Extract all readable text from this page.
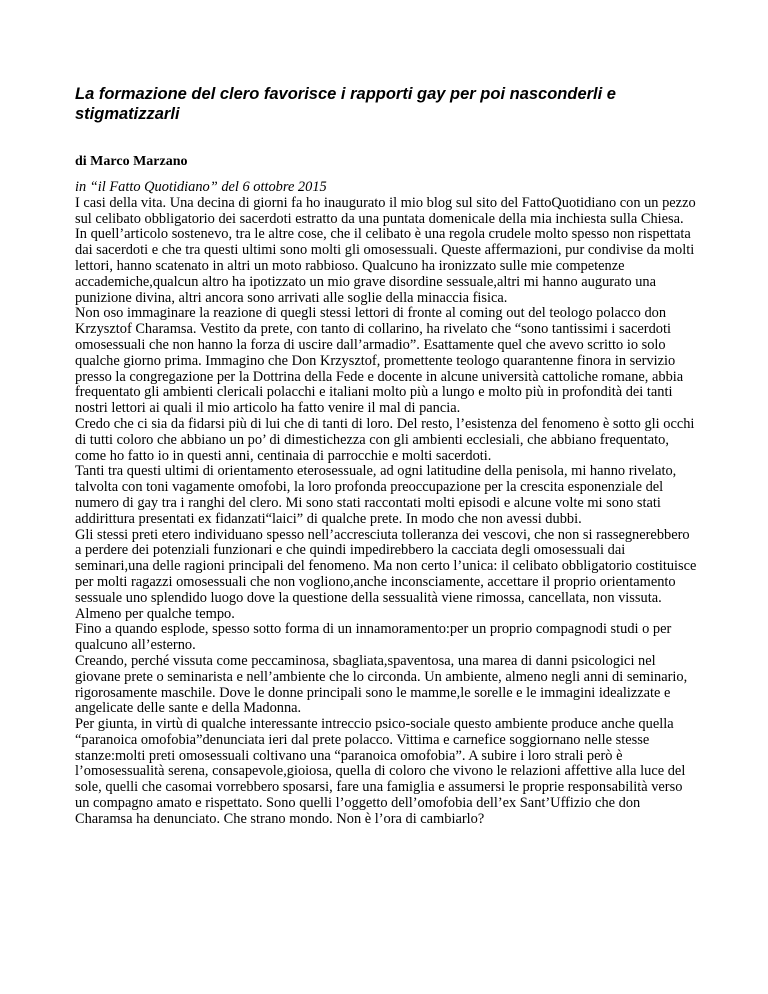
La formazione del clero favorisce i rapporti gay per poi nasconderli e stigmatizzarli
di Marco Marzano
in “il Fatto Quotidiano” del 6 ottobre 2015

I casi della vita. Una decina di giorni fa ho inaugurato il mio blog sul sito del FattoQuotidiano con un pezzo sul celibato obbligatorio dei sacerdoti estratto da una puntata domenicale della mia inchiesta sulla Chiesa. In quell’articolo sostenevo, tra le altre cose, che il celibato è una regola crudele molto spesso non rispettata dai sacerdoti e che tra questi ultimi sono molti gli omosessuali. Queste affermazioni, pur condivise da molti lettori, hanno scatenato in altri un moto rabbioso. Qualcuno ha ironizzato sulle mie competenze accademiche,qualcun altro ha ipotizzato un mio grave disordine sessuale,altri mi hanno augurato una punizione divina, altri ancora sono arrivati alle soglie della minaccia fisica.

Non oso immaginare la reazione di quegli stessi lettori di fronte al coming out del teologo polacco don Krzysztof Charamsa. Vestito da prete, con tanto di collarino, ha rivelato che “sono tantissimi i sacerdoti omosessuali che non hanno la forza di uscire dall’armadio”. Esattamente quel che avevo scritto io solo qualche giorno prima. Immagino che Don Krzysztof, promettente teologo quarantenne finora in servizio presso la congregazione per la Dottrina della Fede e docente in alcune università cattoliche romane, abbia frequentato gli ambienti clericali polacchi e italiani molto più a lungo e molto più in profondità dei tanti nostri lettori ai quali il mio articolo ha fatto venire il mal di pancia.

Credo che ci sia da fidarsi più di lui che di tanti di loro. Del resto, l’esistenza del fenomeno è sotto gli occhi di tutti coloro che abbiano un po’ di dimestichezza con gli ambienti ecclesiali, che abbiano frequentato, come ho fatto io in questi anni, centinaia di parrocchie e molti sacerdoti.

Tanti tra questi ultimi di orientamento eterosessuale, ad ogni latitudine della penisola, mi hanno rivelato, talvolta con toni vagamente omofobi, la loro profonda preoccupazione per la crescita esponenziale del numero di gay tra i ranghi del clero. Mi sono stati raccontati molti episodi e alcune volte mi sono stati addirittura presentati ex fidanzati“laici” di qualche prete. In modo che non avessi dubbi.

Gli stessi preti etero individuano spesso nell’accresciuta tolleranza dei vescovi, che non si rassegnerebbero a perdere dei potenziali funzionari e che quindi impedirebbero la cacciata degli omosessuali dai seminari,una delle ragioni principali del fenomeno. Ma non certo l’unica: il celibato obbligatorio costituisce per molti ragazzi omosessuali che non vogliono,anche inconsciamente, accettare il proprio orientamento sessuale uno splendido luogo dove la questione della sessualità viene rimossa, cancellata, non vissuta.

Almeno per qualche tempo.

Fino a quando esplode, spesso sotto forma di un innamoramento:per un proprio compagnodi studi o per qualcuno all’esterno.

Creando, perché vissuta come peccaminosa, sbagliata,spaventosa, una marea di danni psicologici nel giovane prete o seminarista e nell’ambiente che lo circonda. Un ambiente, almeno negli anni di seminario, rigorosamente maschile. Dove le donne principali sono le mamme,le sorelle e le immagini idealizzate e angelicate delle sante e della Madonna.

Per giunta, in virtù di qualche interessante intreccio psico-sociale questo ambiente produce anche quella “paranoica omofobia”denunciata ieri dal prete polacco. Vittima e carnefice soggiornano nelle stesse stanze:molti preti omosessuali coltivano una “paranoica omofobia”. A subire i loro strali però è l’omosessualità serena, consapevole,gioiosa, quella di coloro che vivono le relazioni affettive alla luce del sole, quelli che casomai vorrebbero sposarsi, fare una famiglia e assumersi le proprie responsabilità verso un compagno amato e rispettato. Sono quelli l’oggetto dell’omofobia dell’ex Sant’Uffizio che don Charamsa ha denunciato. Che strano mondo. Non è l’ora di cambiarlo?
